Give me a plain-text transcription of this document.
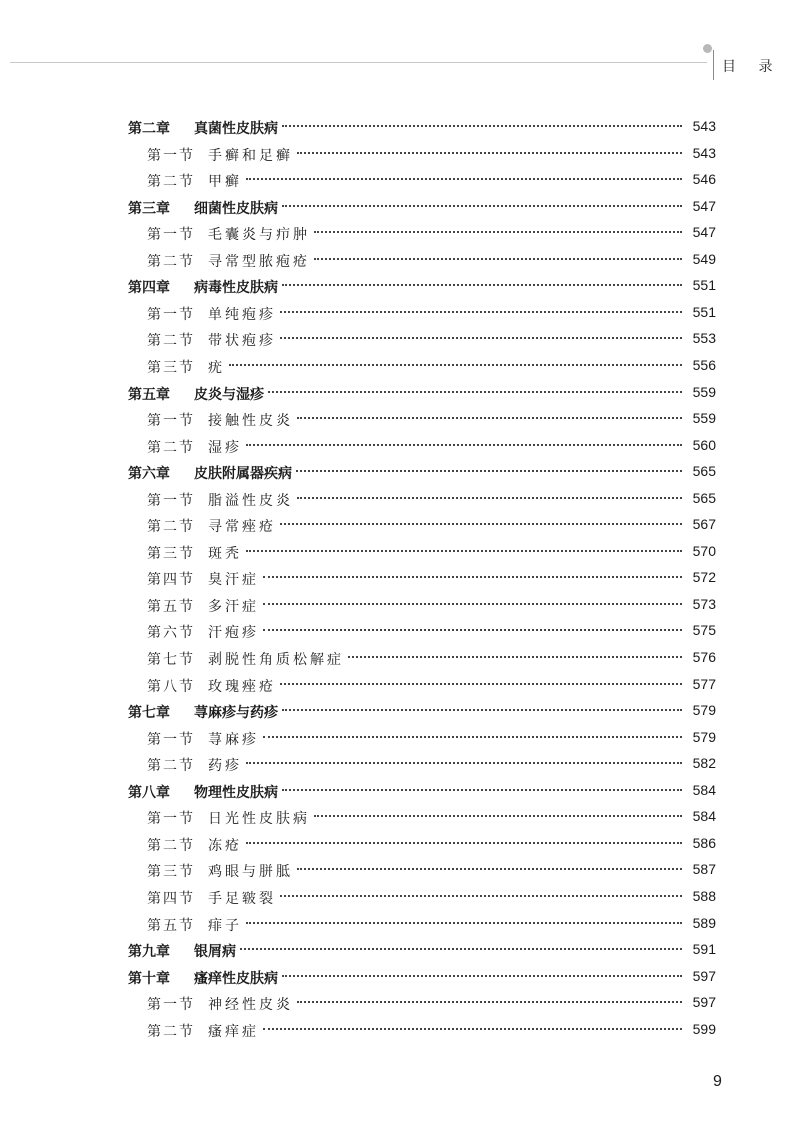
目 录
第二章 真菌性皮肤病	543
第一节 手癣和足癣	543
第二节 甲癣	546
第三章 细菌性皮肤病	547
第一节 毛囊炎与疖肿	547
第二节 寻常型脓疱疮	549
第四章 病毒性皮肤病	551
第一节 单纯疱疹	551
第二节 带状疱疹	553
第三节 疣	556
第五章 皮炎与湿疹	559
第一节 接触性皮炎	559
第二节 湿疹	560
第六章 皮肤附属器疾病	565
第一节 脂溢性皮炎	565
第二节 寻常痤疮	567
第三节 斑秃	570
第四节 臭汗症	572
第五节 多汗症	573
第六节 汗疱疹	575
第七节 剥脱性角质松解症	576
第八节 玫瑰痤疮	577
第七章 荨麻疹与药疹	579
第一节 荨麻疹	579
第二节 药疹	582
第八章 物理性皮肤病	584
第一节 日光性皮肤病	584
第二节 冻疮	586
第三节 鸡眼与胼胝	587
第四节 手足皲裂	588
第五节 痱子	589
第九章 银屑病	591
第十章 瘙痒性皮肤病	597
第一节 神经性皮炎	597
第二节 瘙痒症	599
9
